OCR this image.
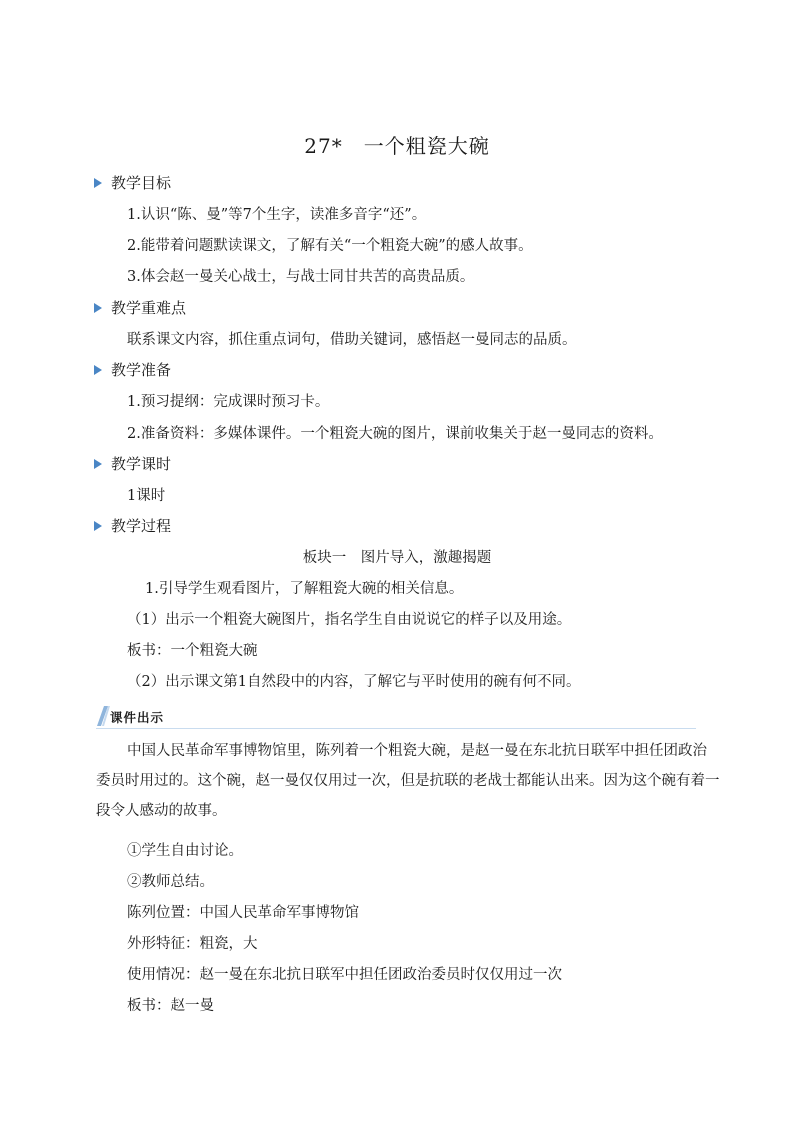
27*　一个粗瓷大碗
教学目标
1.认识“陈、曼”等7个生字，读准多音字“还”。
2.能带着问题默读课文，了解有关“一个粗瓷大碗”的感人故事。
3.体会赵一曼关心战士，与战士同甘共苦的高贵品质。
教学重难点
联系课文内容，抓住重点词句，借助关键词，感悟赵一曼同志的品质。
教学准备
1.预习提纲：完成课时预习卡。
2.准备资料：多媒体课件。一个粗瓷大碗的图片，课前收集关于赵一曼同志的资料。
教学课时
1课时
教学过程
板块一　图片导入，激趣揭题
1.引导学生观看图片，了解粗瓷大碗的相关信息。
（1）出示一个粗瓷大碗图片，指名学生自由说说它的样子以及用途。
板书：一个粗瓷大碗
（2）出示课文第1自然段中的内容，了解它与平时使用的碗有何不同。
课件出示
中国人民革命军事博物馆里，陈列着一个粗瓷大碗，是赵一曼在东北抗日联军中担任团政治委员时用过的。这个碗，赵一曼仅仅用过一次，但是抗联的老战士都能认出来。因为这个碗有着一段令人感动的故事。
①学生自由讨论。
②教师总结。
陈列位置：中国人民革命军事博物馆
外形特征：粗瓷，大
使用情况：赵一曼在东北抗日联军中担任团政治委员时仅仅用过一次
板书：赵一曼
